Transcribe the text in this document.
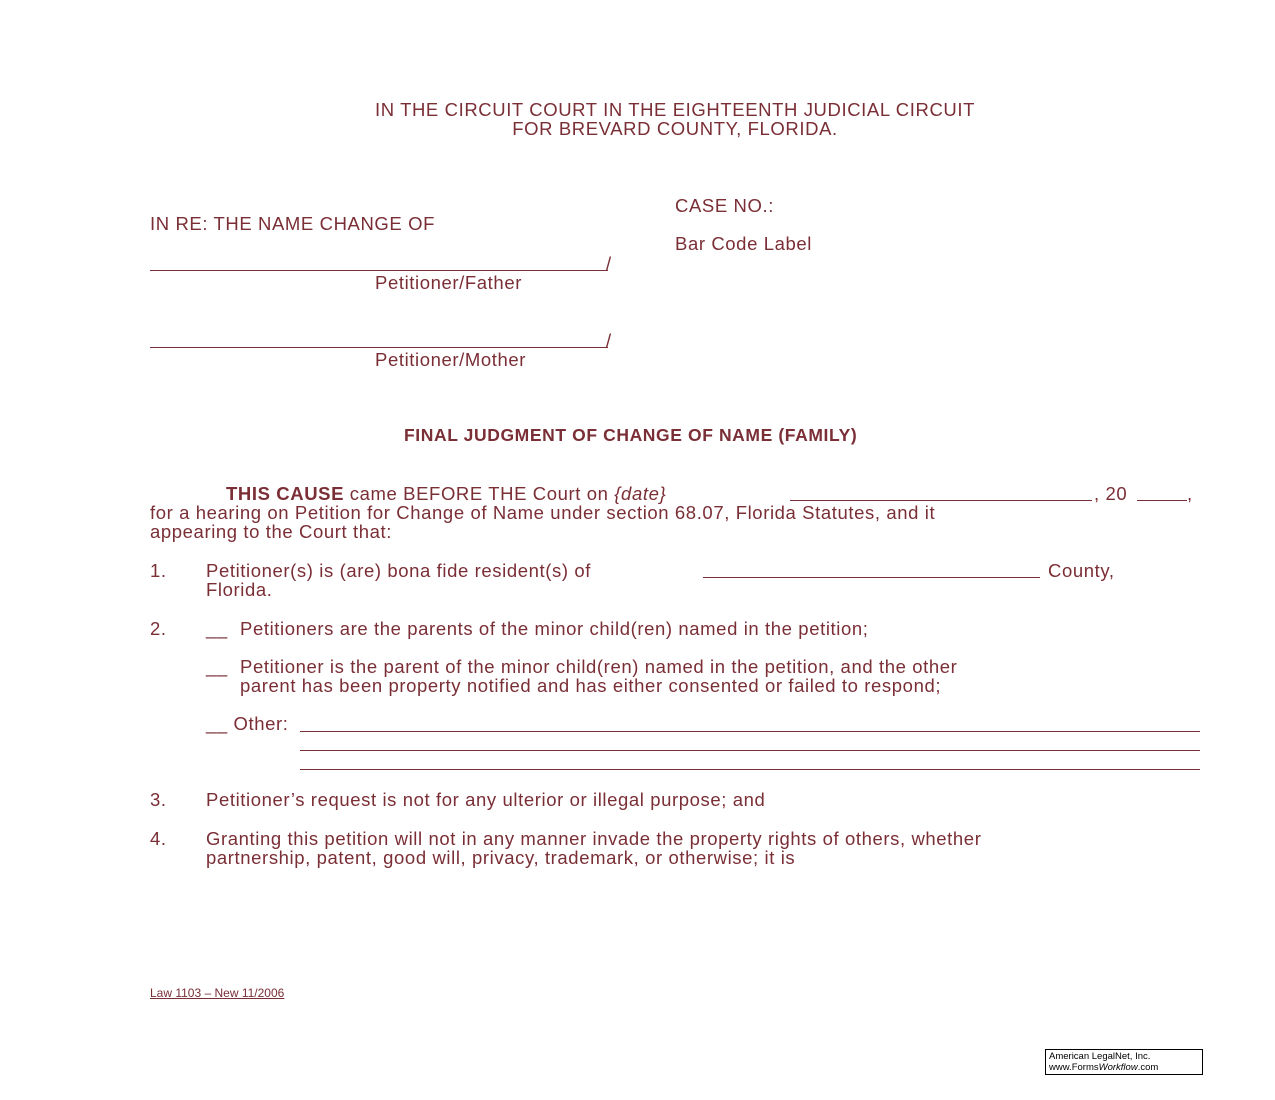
IN THE CIRCUIT COURT IN THE EIGHTEENTH JUDICIAL CIRCUIT
FOR BREVARD COUNTY, FLORIDA.
IN RE: THE NAME CHANGE OF
CASE NO.:
Bar Code Label
/
Petitioner/Father
/
Petitioner/Mother
FINAL JUDGMENT OF CHANGE OF NAME (FAMILY)
THIS CAUSE came BEFORE THE Court on {date}	, 20	,
for a hearing on Petition for Change of Name under section 68.07, Florida Statutes, and it
appearing to the Court that:
1. Petitioner(s) is (are) bona fide resident(s) of	County,
Florida.
2. __ Petitioners are the parents of the minor child(ren) named in the petition;
__ Petitioner is the parent of the minor child(ren) named in the petition, and the other
parent has been property notified and has either consented or failed to respond;
__ Other:
3. Petitioner’s request is not for any ulterior or illegal purpose; and
4. Granting this petition will not in any manner invade the property rights of others, whether
partnership, patent, good will, privacy, trademark, or otherwise; it is
Law 1103 – New 11/2006
American LegalNet, Inc.
www.FormsWorkflow.com
